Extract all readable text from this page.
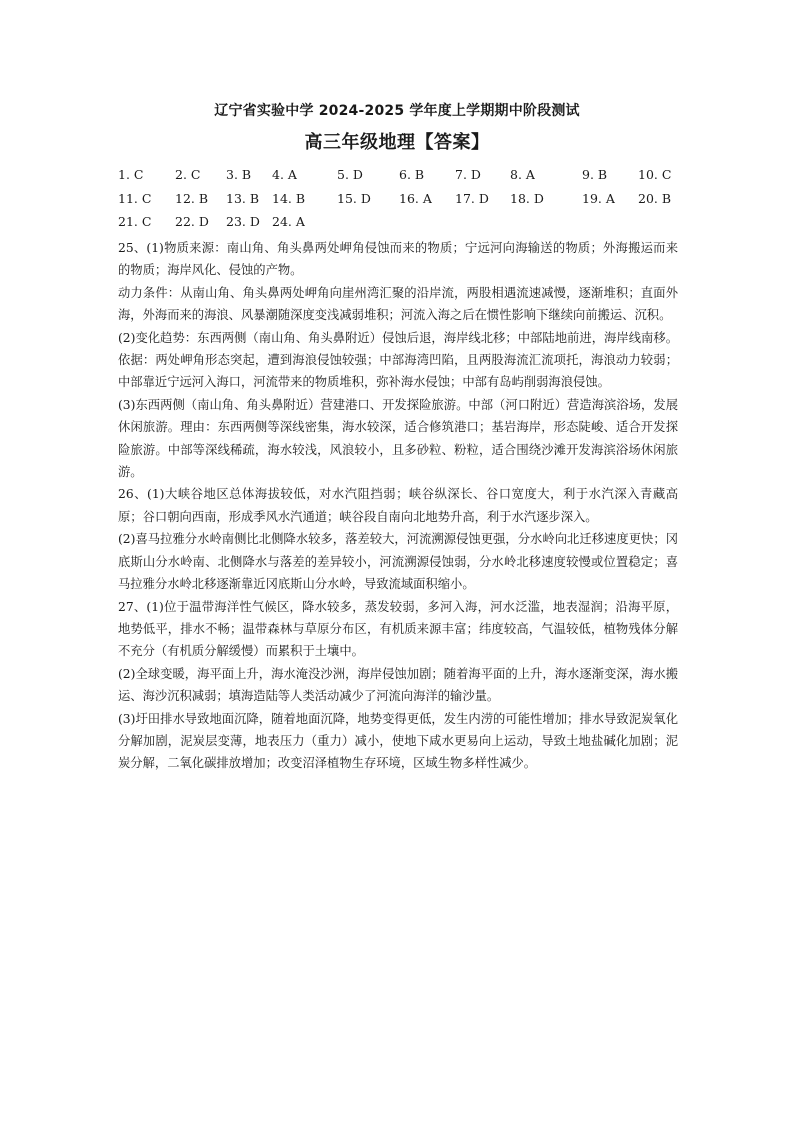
辽宁省实验中学 2024-2025 学年度上学期期中阶段测试
高三年级地理【答案】
1. C	2. C 3. B 4. A	5. D	6. B 7. D 8. A	9. B 10. C
11. C 12. B 13. B 14. B	15. D 16. A 17. D 18. D	19. A 20. B
21. C 22. D 23. D 24. A

25、(1)物质来源：南山角、角头鼻两处岬角侵蚀而来的物质；宁远河向海输送的物质；外海搬运而来的物质；海岸风化、侵蚀的产物。

动力条件：从南山角、角头鼻两处岬角向崖州湾汇聚的沿岸流，两股相遇流速减慢，逐渐堆积；直面外海，外海而来的海浪、风暴潮随深度变浅减弱堆积；河流入海之后在惯性影响下继续向前搬运、沉积。

(2)变化趋势：东西两侧（南山角、角头鼻附近）侵蚀后退，海岸线北移；中部陆地前进，海岸线南移。依据：两处岬角形态突起，遭到海浪侵蚀较强；中部海湾凹陷，且两股海流汇流项托，海浪动力较弱；中部靠近宁远河入海口，河流带来的物质堆积，弥补海水侵蚀；中部有岛屿削弱海浪侵蚀。

(3)东西两侧（南山角、角头鼻附近）营建港口、开发探险旅游。中部（河口附近）营造海滨浴场，发展休闲旅游。理由：东西两侧等深线密集，海水较深，适合修筑港口；基岩海岸，形态陡峻、适合开发探险旅游。中部等深线稀疏，海水较浅，风浪较小，且多砂粒、粉粒，适合围绕沙滩开发海滨浴场休闲旅游。

26、(1)大峡谷地区总体海拔较低，对水汽阻挡弱；峡谷纵深长、谷口宽度大，利于水汽深入青藏高原；谷口朝向西南，形成季风水汽通道；峡谷段自南向北地势升高，利于水汽逐步深入。

(2)喜马拉雅分水岭南侧比北侧降水较多，落差较大，河流溯源侵蚀更强，分水岭向北迁移速度更快；冈底斯山分水岭南、北侧降水与落差的差异较小，河流溯源侵蚀弱，分水岭北移速度较慢或位置稳定；喜马拉雅分水岭北移逐渐靠近冈底斯山分水岭，导致流域面积缩小。

27、(1)位于温带海洋性气候区，降水较多，蒸发较弱，多河入海，河水泛滥，地表湿润；沿海平原，地势低平，排水不畅；温带森林与草原分布区，有机质来源丰富；纬度较高，气温较低，植物残体分解不充分（有机质分解缓慢）而累积于土壤中。

(2)全球变暖，海平面上升，海水淹没沙洲，海岸侵蚀加剧；随着海平面的上升，海水逐渐变深，海水搬运、海沙沉积减弱；填海造陆等人类活动减少了河流向海洋的输沙量。

(3)圩田排水导致地面沉降，随着地面沉降，地势变得更低，发生内涝的可能性增加；排水导致泥炭氧化分解加剧，泥炭层变薄，地表压力（重力）减小，使地下咸水更易向上运动，导致土地盐碱化加剧；泥炭分解，二氧化碳排放增加；改变沼泽植物生存环境，区域生物多样性减少。
